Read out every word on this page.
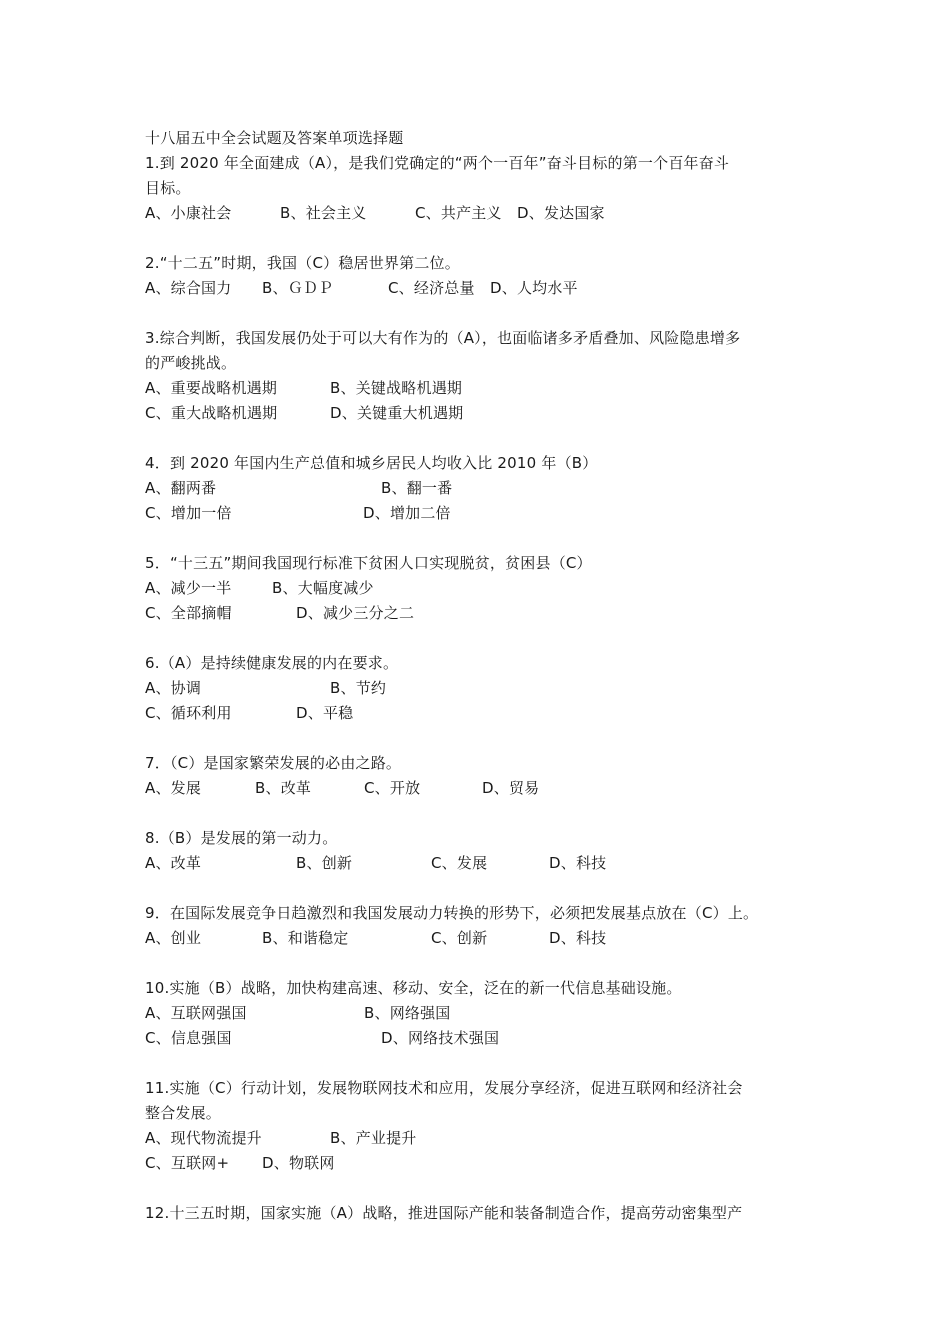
十八届五中全会试题及答案单项选择题
1.到 2020 年全面建成（A），是我们党确定的“两个一百年”奋斗目标的第一个百年奋斗
目标。
A、小康社会	B、社会主义	C、共产主义 D、发达国家
2.“十二五”时期，我国（C）稳居世界第二位。
A、综合国力 B、ＧＤＰ	C、经济总量 D、人均水平
3.综合判断，我国发展仍处于可以大有作为的（A），也面临诸多矛盾叠加、风险隐患增多
的严峻挑战。
A、重要战略机遇期	B、关键战略机遇期
C、重大战略机遇期	D、关键重大机遇期
4．到 2020 年国内生产总值和城乡居民人均收入比 2010 年（B）
A、翻两番	B、翻一番
C、增加一倍	D、增加二倍
5．“十三五”期间我国现行标准下贫困人口实现脱贫，贫困县（C）
A、减少一半	B、大幅度减少
C、全部摘帽	D、减少三分之二
6.（A）是持续健康发展的内在要求。
A、协调	B、节约
C、循环利用	D、平稳
7．（C）是国家繁荣发展的必由之路。
A、发展	B、改革	C、开放	D、贸易
8.（B）是发展的第一动力。
A、改革	B、创新	C、发展	D、科技
9．在国际发展竞争日趋激烈和我国发展动力转换的形势下，必须把发展基点放在（C）上。
A、创业	B、和谐稳定	C、创新	D、科技
10.实施（B）战略，加快构建高速、移动、安全，泛在的新一代信息基础设施。
A、互联网强国	B、网络强国
C、信息强国	D、网络技术强国
11.实施（C）行动计划，发展物联网技术和应用，发展分享经济，促进互联网和经济社会
整合发展。
A、现代物流提升	B、产业提升
C、互联网+ D、物联网
12.十三五时期，国家实施（A）战略，推进国际产能和装备制造合作，提高劳动密集型产
